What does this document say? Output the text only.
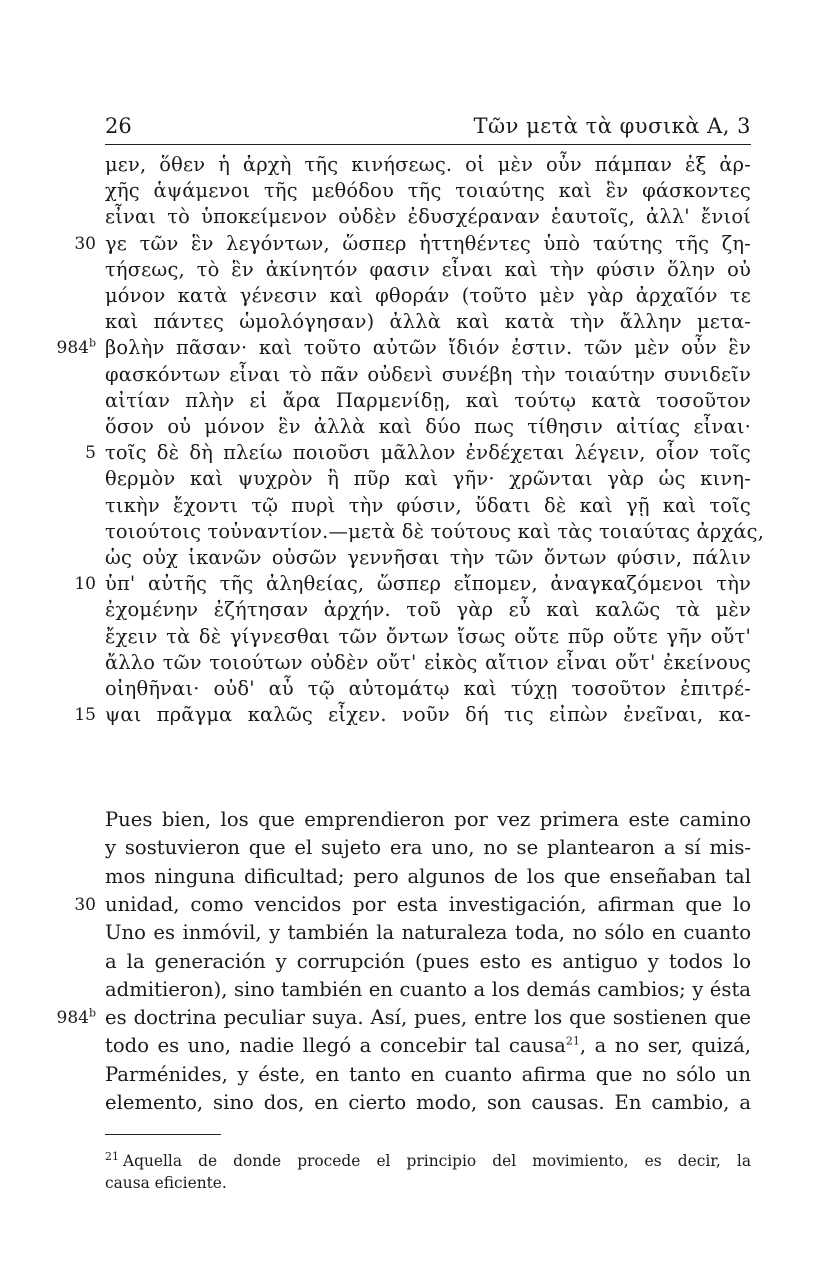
26	Τῶν μετὰ τὰ φυσικὰ Α, 3
μεν, ὅθεν ἡ ἀρχὴ τῆς κινήσεως. οἱ μὲν οὖν πάμπαν ἐξ ἀρ-
χῆς ἁψάμενοι τῆς μεθόδου τῆς τοιαύτης καὶ ἓν φάσκοντες
εἶναι τὸ ὑποκείμενον οὐδὲν ἐδυσχέραναν ἑαυτοῖς, ἀλλ' ἔνιοί
γε τῶν ἓν λεγόντων, ὥσπερ ἡττηθέντες ὑπὸ ταύτης τῆς ζη-
τήσεως, τὸ ἓν ἀκίνητόν φασιν εἶναι καὶ τὴν φύσιν ὅλην οὐ
μόνον κατὰ γένεσιν καὶ φθοράν (τοῦτο μὲν γὰρ ἀρχαῖόν τε
καὶ πάντες ὡμολόγησαν) ἀλλὰ καὶ κατὰ τὴν ἄλλην μετα-
βολὴν πᾶσαν· καὶ τοῦτο αὐτῶν ἴδιόν ἐστιν. τῶν μὲν οὖν ἓν
φασκόντων εἶναι τὸ πᾶν οὐδενὶ συνέβη τὴν τοιαύτην συνιδεῖν
αἰτίαν πλὴν εἰ ἄρα Παρμενίδῃ, καὶ τούτῳ κατὰ τοσοῦτον
ὅσον οὐ μόνον ἓν ἀλλὰ καὶ δύο πως τίθησιν αἰτίας εἶναι·
τοῖς δὲ δὴ πλείω ποιοῦσι μᾶλλον ἐνδέχεται λέγειν, οἷον τοῖς
θερμὸν καὶ ψυχρὸν ἢ πῦρ καὶ γῆν· χρῶνται γὰρ ὡς κινη-
τικὴν ἔχοντι τῷ πυρὶ τὴν φύσιν, ὕδατι δὲ καὶ γῇ καὶ τοῖς
τοιούτοις τοὐναντίον.—μετὰ δὲ τούτους καὶ τὰς τοιαύτας ἀρχάς,
ὡς οὐχ ἱκανῶν οὐσῶν γεννῆσαι τὴν τῶν ὄντων φύσιν, πάλιν
ὑπ' αὐτῆς τῆς ἀληθείας, ὥσπερ εἴπομεν, ἀναγκαζόμενοι τὴν
ἐχομένην ἐζήτησαν ἀρχήν. τοῦ γὰρ εὖ καὶ καλῶς τὰ μὲν
ἔχειν τὰ δὲ γίγνεσθαι τῶν ὄντων ἴσως οὔτε πῦρ οὔτε γῆν οὔτ'
ἄλλο τῶν τοιούτων οὐδὲν οὔτ' εἰκὸς αἴτιον εἶναι οὔτ' ἐκείνους
οἰηθῆναι· οὐδ' αὖ τῷ αὐτομάτῳ καὶ τύχῃ τοσοῦτον ἐπιτρέ-
ψαι πρᾶγμα καλῶς εἶχεν. νοῦν δή τις εἰπὼν ἐνεῖναι, κα-
30
984$^b$
5
10
15
Pues bien, los que emprendieron por vez primera este camino
y sostuvieron que el sujeto era uno, no se plantearon a sí mis-
mos ninguna dificultad; pero algunos de los que enseñaban tal
unidad, como vencidos por esta investigación, afirman que lo
Uno es inmóvil, y también la naturaleza toda, no sólo en cuanto
a la generación y corrupción (pues esto es antiguo y todos lo
admitieron), sino también en cuanto a los demás cambios; y ésta
es doctrina peculiar suya. Así, pues, entre los que sostienen que
todo es uno, nadie llegó a concebir tal causa$^{21}$, a no ser, quizá,
Parménides, y éste, en tanto en cuanto afirma que no sólo un
elemento, sino dos, en cierto modo, son causas. En cambio, a
30
984$^b$
$^{21}$ Aquella de donde procede el principio del movimiento, es decir, la
causa eficiente.
